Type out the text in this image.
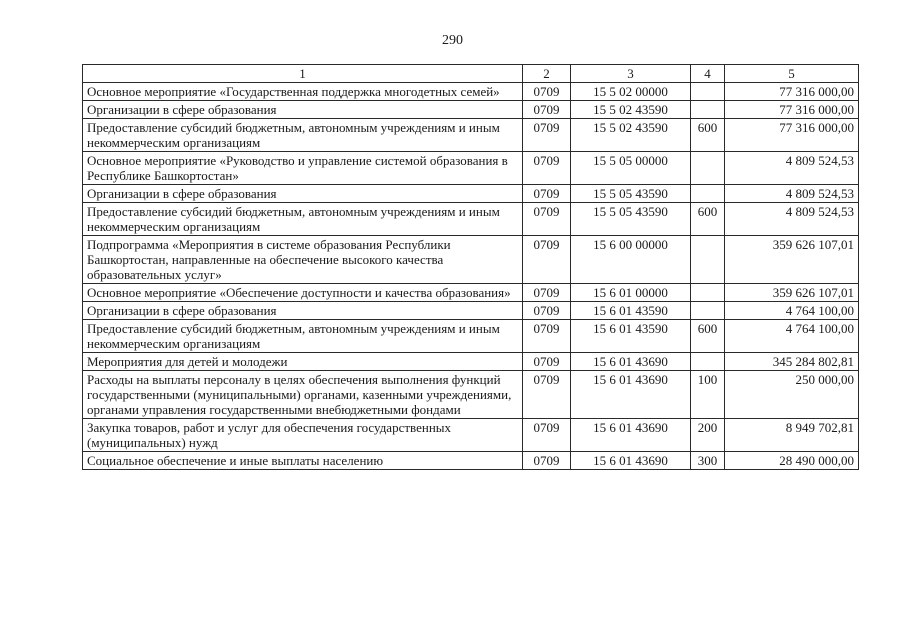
290
1	2	3	4	5
Основное мероприятие «Государственная поддержка многодетных семей»	0709	15 5 02 00000		77 316 000,00
Организации в сфере образования	0709	15 5 02 43590		77 316 000,00
Предоставление субсидий бюджетным, автономным учреждениям и иным некоммерческим организациям	0709	15 5 02 43590	600	77 316 000,00
Основное мероприятие «Руководство и управление системой образования в Республике Башкортостан»	0709	15 5 05 00000		4 809 524,53
Организации в сфере образования	0709	15 5 05 43590		4 809 524,53
Предоставление субсидий бюджетным, автономным учреждениям и иным некоммерческим организациям	0709	15 5 05 43590	600	4 809 524,53
Подпрограмма «Мероприятия в системе образования Республики Башкортостан, направленные на обеспечение высокого качества образовательных услуг»	0709	15 6 00 00000		359 626 107,01
Основное мероприятие «Обеспечение доступности и качества образования»	0709	15 6 01 00000		359 626 107,01
Организации в сфере образования	0709	15 6 01 43590		4 764 100,00
Предоставление субсидий бюджетным, автономным учреждениям и иным некоммерческим организациям	0709	15 6 01 43590	600	4 764 100,00
Мероприятия для детей и молодежи	0709	15 6 01 43690		345 284 802,81
Расходы на выплаты персоналу в целях обеспечения выполнения функций государственными (муниципальными) органами, казенными учреждениями, органами управления государственными внебюджетными фондами	0709	15 6 01 43690	100	250 000,00
Закупка товаров, работ и услуг для обеспечения государственных (муниципальных) нужд	0709	15 6 01 43690	200	8 949 702,81
Социальное обеспечение и иные выплаты населению	0709	15 6 01 43690	300	28 490 000,00
